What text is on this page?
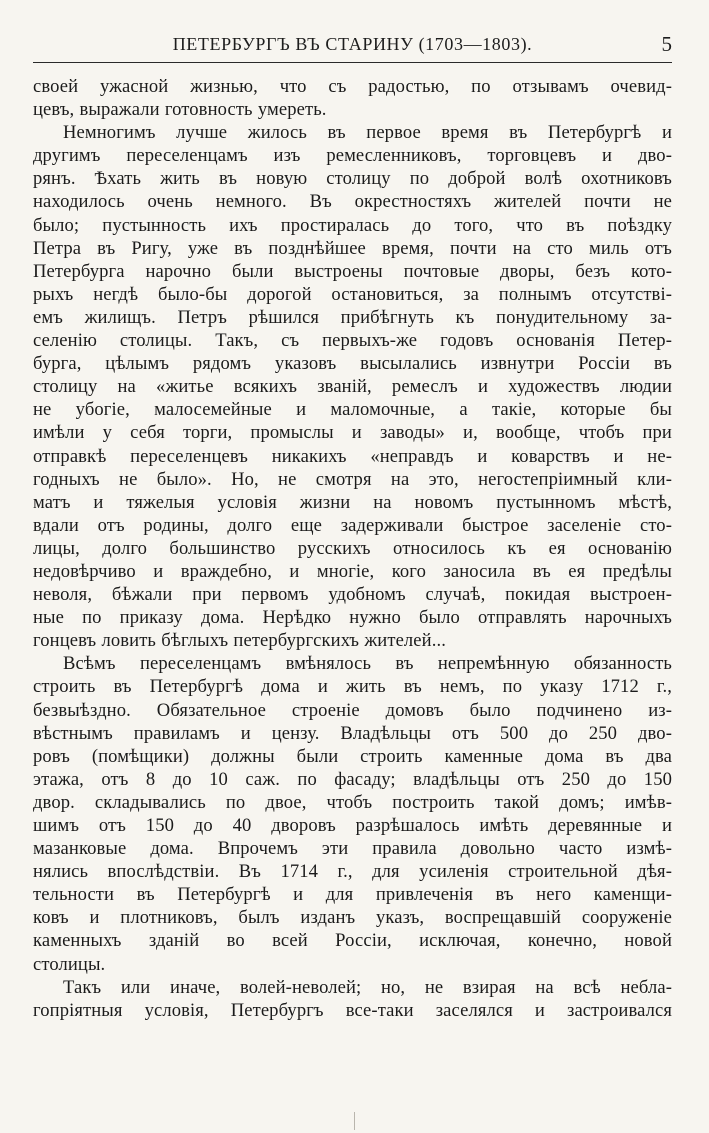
ПЕТЕРБУРГЪ ВЪ СТАРИНУ (1703—1803).	5
своей ужасной жизнью, что съ радостью, по отзывамъ очевид-
цевъ, выражали готовность умереть.
Немногимъ лучше жилось въ первое время въ Петербургѣ и
другимъ переселенцамъ изъ ремесленниковъ, торговцевъ и дво-
рянъ. Ѣхать жить въ новую столицу по доброй волѣ охотниковъ
находилось очень немного. Въ окрестностяхъ жителей почти не
было; пустынность ихъ простиралась до того, что въ поѣздку
Петра въ Ригу, уже въ позднѣйшее время, почти на сто миль отъ
Петербурга нарочно были выстроены почтовые дворы, безъ кото-
рыхъ негдѣ было-бы дорогой остановиться, за полнымъ отсутствi-
емъ жилищъ. Петръ рѣшился прибѣгнуть къ понудительному за-
селенiю столицы. Такъ, съ первыхъ-же годовъ основанiя Петер-
бурга, цѣлымъ рядомъ указовъ высылались извнутри Россiи въ
столицу на «житье всякихъ званiй, ремеслъ и художествъ людии
не убогiе, малосемейные и маломочные, а такiе, которые бы
имѣли у себя торги, промыслы и заводы» и, вообще, чтобъ при
отправкѣ переселенцевъ никакихъ «неправдъ и коварствъ и не-
годныхъ не было». Но, не смотря на это, негостепрiимный кли-
матъ и тяжелыя условiя жизни на новомъ пустынномъ мѣстѣ,
вдали отъ родины, долго еще задерживали быстрое заселенiе сто-
лицы, долго большинство русскихъ относилось къ ея основанiю
недовѣрчиво и враждебно, и многiе, кого заносила въ ея предѣлы
неволя, бѣжали при первомъ удобномъ случаѣ, покидая выстроен-
ные по приказу дома. Нерѣдко нужно было отправлять нарочныхъ
гонцевъ ловить бѣглыхъ петербургскихъ жителей...
Всѣмъ переселенцамъ вмѣнялось въ непремѣнную обязанность
строить въ Петербургѣ дома и жить въ немъ, по указу 1712 г.,
безвыѣздно. Обязательное строенiе домовъ было подчинено из-
вѣстнымъ правиламъ и цензу. Владѣльцы отъ 500 до 250 дво-
ровъ (помѣщики) должны были строить каменные дома въ два
этажа, отъ 8 до 10 саж. по фасаду; владѣльцы отъ 250 до 150
двор. складывались по двое, чтобъ построить такой домъ; имѣв-
шимъ отъ 150 до 40 дворовъ разрѣшалось имѣть деревянные и
мазанковые дома. Впрочемъ эти правила довольно часто измѣ-
нялись впослѣдствiи. Въ 1714 г., для усиленiя строительной дѣя-
тельности въ Петербургѣ и для привлеченiя въ него каменщи-
ковъ и плотниковъ, былъ изданъ указъ, воспрещавшiй сооруженiе
каменныхъ зданiй во всей Россiи, исключая, конечно, новой
столицы.
Такъ или иначе, волей-неволей; но, не взирая на всѣ небла-
гопрiятныя условiя, Петербургъ все-таки заселялся и застроивался
